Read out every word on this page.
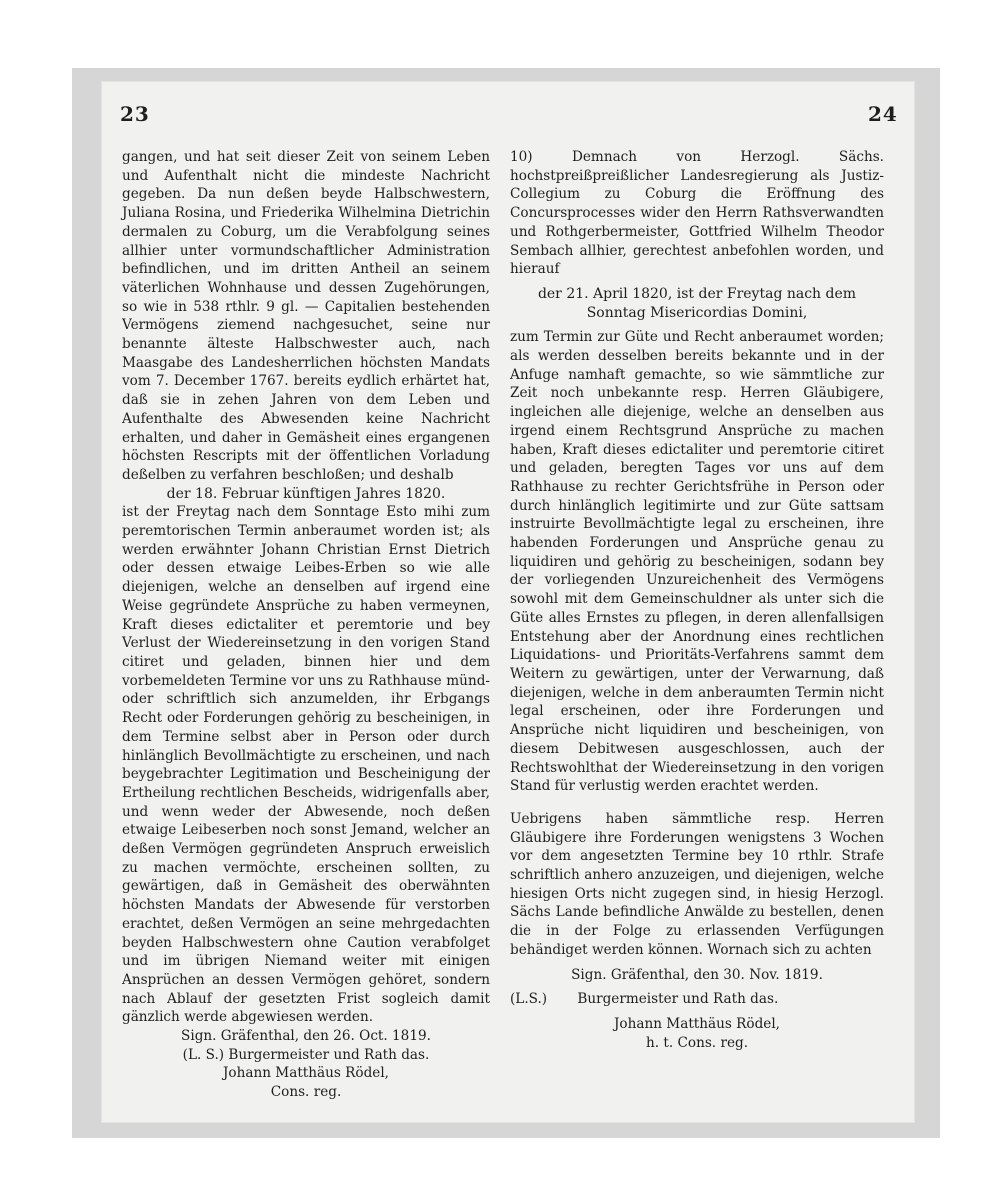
23	24

gangen, und hat seit dieser Zeit von seinem Leben und Aufenthalt nicht die mindeste Nachricht gegeben. Da nun deßen beyde Halbschwestern, Juliana Rosina, und Friederika Wilhelmina Dietrichin dermalen zu Coburg, um die Verabfolgung seines allhier unter vormundschaftlicher Administration befindlichen, und im dritten Antheil an seinem väterlichen Wohnhause und dessen Zugehörungen, so wie in 538 rthlr. 9 gl. — Capitalien bestehenden Vermögens ziemend nachgesuchet, seine nur benannte älteste Halbschwester auch, nach Maasgabe des Landesherrlichen höchsten Mandats vom 7. December 1767. bereits eydlich erhärtet hat, daß sie in zehen Jahren von dem Leben und Aufenthalte des Abwesenden keine Nachricht erhalten, und daher in Gemäsheit eines ergangenen höchsten Rescripts mit der öffentlichen Vorladung deßelben zu verfahren beschloßen; und deshalb

der 18. Februar künftigen Jahres 1820.

ist der Freytag nach dem Sonntage Esto mihi zum peremtorischen Termin anberaumet worden ist; als werden erwähnter Johann Christian Ernst Dietrich oder dessen etwaige Leibes-Erben so wie alle diejenigen, welche an denselben auf irgend eine Weise gegründete Ansprüche zu haben vermeynen, Kraft dieses edictaliter et peremtorie und bey Verlust der Wiedereinsetzung in den vorigen Stand citiret und geladen, binnen hier und dem vorbemeldeten Termine vor uns zu Rathhause münd- oder schriftlich sich anzumelden, ihr Erbgangs Recht oder Forderungen gehörig zu bescheinigen, in dem Termine selbst aber in Person oder durch hinlänglich Bevollmächtigte zu erscheinen, und nach beygebrachter Legitimation und Bescheinigung der Ertheilung rechtlichen Bescheids, widrigenfalls aber, und wenn weder der Abwesende, noch deßen etwaige Leibeserben noch sonst Jemand, welcher an deßen Vermögen gegründeten Anspruch erweislich zu machen vermöchte, erscheinen sollten, zu gewärtigen, daß in Gemäsheit des oberwähnten höchsten Mandats der Abwesende für verstorben erachtet, deßen Vermögen an seine mehrgedachten beyden Halbschwestern ohne Caution verabfolget und im übrigen Niemand weiter mit einigen Ansprüchen an dessen Vermögen gehöret, sondern nach Ablauf der gesetzten Frist sogleich damit gänzlich werde abgewiesen werden.

Sign. Gräfenthal, den 26. Oct. 1819.

(L. S.) Burgermeister und Rath das.

Johann Matthäus Rödel,

Cons. reg.

10) Demnach von Herzogl. Sächs. hochstpreißpreißlicher Landesregierung als Justiz-Collegium zu Coburg die Eröffnung des Concursprocesses wider den Herrn Rathsverwandten und Rothgerbermeister, Gottfried Wilhelm Theodor Sembach allhier, gerechtest anbefohlen worden, und hierauf

der 21. April 1820, ist der Freytag nach dem Sonntag Misericordias Domini,

zum Termin zur Güte und Recht anberaumet worden; als werden desselben bereits bekannte und in der Anfuge namhaft gemachte, so wie sämmtliche zur Zeit noch unbekannte resp. Herren Gläubigere, ingleichen alle diejenige, welche an denselben aus irgend einem Rechtsgrund Ansprüche zu machen haben, Kraft dieses edictaliter und peremtorie citiret und geladen, beregten Tages vor uns auf dem Rathhause zu rechter Gerichtsfrühe in Person oder durch hinlänglich legitimirte und zur Güte sattsam instruirte Bevollmächtigte legal zu erscheinen, ihre habenden Forderungen und Ansprüche genau zu liquidiren und gehörig zu bescheinigen, sodann bey der vorliegenden Unzureichenheit des Vermögens sowohl mit dem Gemeinschuldner als unter sich die Güte alles Ernstes zu pflegen, in deren allenfallsigen Entstehung aber der Anordnung eines rechtlichen Liquidations- und Prioritäts-Verfahrens sammt dem Weitern zu gewärtigen, unter der Verwarnung, daß diejenigen, welche in dem anberaumten Termin nicht legal erscheinen, oder ihre Forderungen und Ansprüche nicht liquidiren und bescheinigen, von diesem Debitwesen ausgeschlossen, auch der Rechtswohlthat der Wiedereinsetzung in den vorigen Stand für verlustig werden erachtet werden.

Uebrigens haben sämmtliche resp. Herren Gläubigere ihre Forderungen wenigstens 3 Wochen vor dem angesetzten Termine bey 10 rthlr. Strafe schriftlich anhero anzuzeigen, und diejenigen, welche hiesigen Orts nicht zugegen sind, in hiesig Herzogl. Sächs Lande befindliche Anwälde zu bestellen, denen die in der Folge zu erlassenden Verfügungen behändiget werden können. Wornach sich zu achten

Sign. Gräfenthal, den 30. Nov. 1819.

(L.S.) Burgermeister und Rath das.

Johann Matthäus Rödel,

h. t. Cons. reg.
